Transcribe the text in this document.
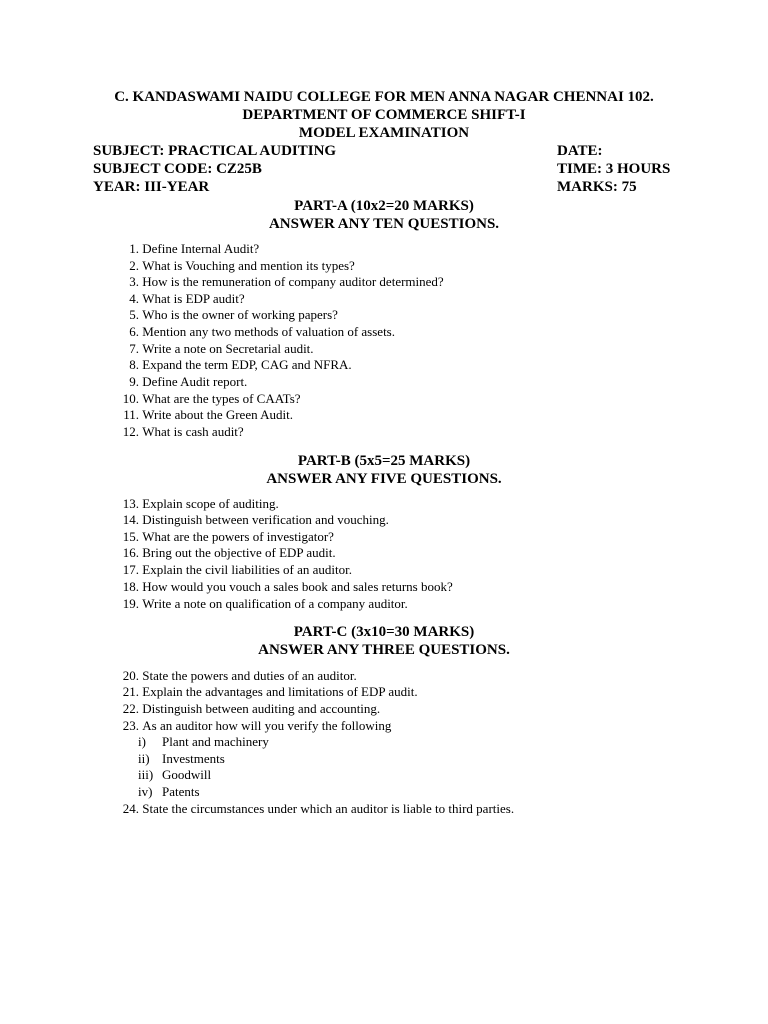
C. KANDASWAMI NAIDU COLLEGE FOR MEN ANNA NAGAR CHENNAI 102.
DEPARTMENT OF COMMERCE SHIFT-I
MODEL EXAMINATION
SUBJECT: PRACTICAL AUDITING	DATE:
SUBJECT CODE: CZ25B	TIME: 3 HOURS
YEAR: III-YEAR	MARKS: 75
PART-A (10x2=20 MARKS)
ANSWER ANY TEN QUESTIONS.
1. Define Internal Audit?
2. What is Vouching and mention its types?
3. How is the remuneration of company auditor determined?
4. What is EDP audit?
5. Who is the owner of working papers?
6. Mention any two methods of valuation of assets.
7. Write a note on Secretarial audit.
8. Expand the term EDP, CAG and NFRA.
9. Define Audit report.
10. What are the types of CAATs?
11. Write about the Green Audit.
12. What is cash audit?
PART-B (5x5=25 MARKS)
ANSWER ANY FIVE QUESTIONS.
13. Explain scope of auditing.
14. Distinguish between verification and vouching.
15. What are the powers of investigator?
16. Bring out the objective of EDP audit.
17. Explain the civil liabilities of an auditor.
18. How would you vouch a sales book and sales returns book?
19. Write a note on qualification of a company auditor.
PART-C (3x10=30 MARKS)
ANSWER ANY THREE QUESTIONS.
20. State the powers and duties of an auditor.
21. Explain the advantages and limitations of EDP audit.
22. Distinguish between auditing and accounting.
23. As an auditor how will you verify the following
i) Plant and machinery
ii) Investments
iii) Goodwill
iv) Patents
24. State the circumstances under which an auditor is liable to third parties.
